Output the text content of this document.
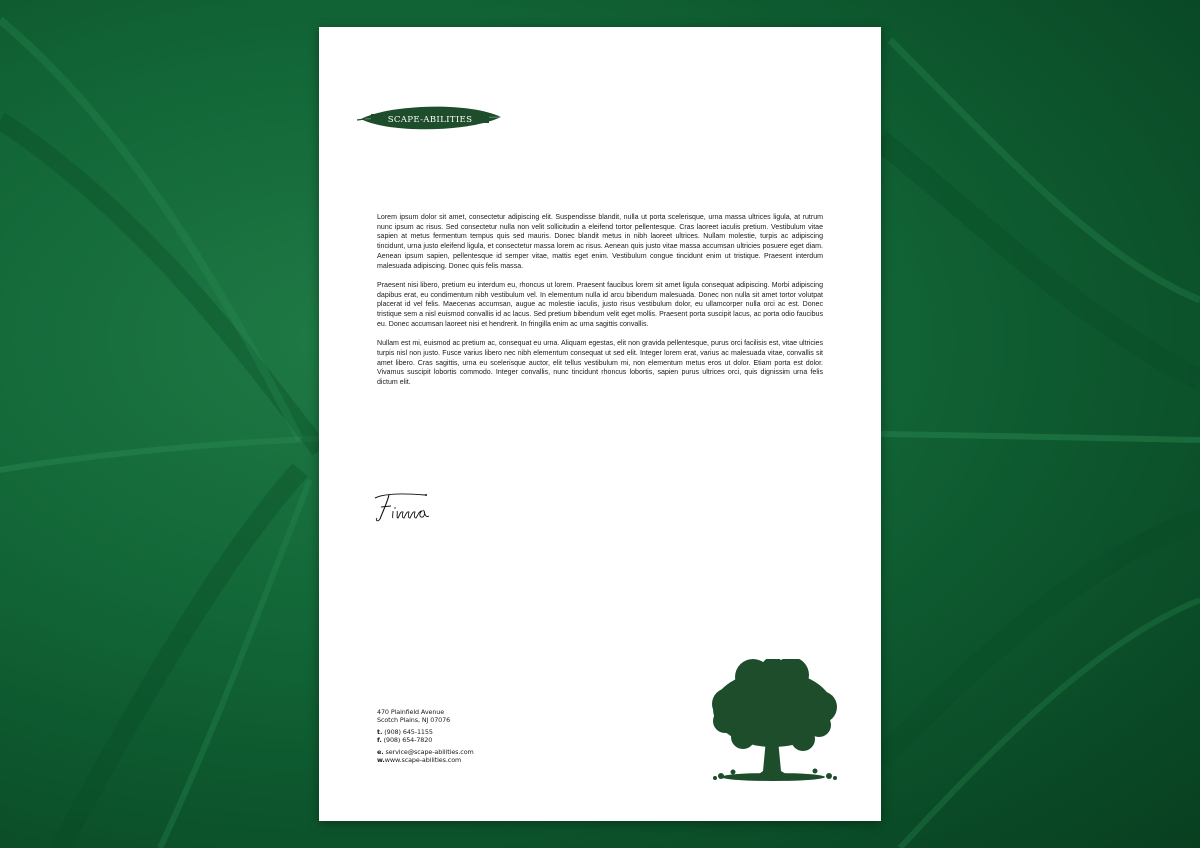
SCAPE-ABILITIES

Lorem ipsum dolor sit amet, consectetur adipiscing elit. Suspendisse blandit, nulla ut porta scelerisque, urna massa ultrices ligula, at rutrum nunc ipsum ac risus. Sed consectetur nulla non velit sollicitudin a eleifend tortor pellentesque. Cras laoreet iaculis pretium. Vestibulum vitae sapien at metus fermentum tempus quis sed mauris. Donec blandit metus in nibh laoreet ultrices. Nullam molestie, turpis ac adipiscing tincidunt, urna justo eleifend ligula, et consectetur massa lorem ac risus. Aenean quis justo vitae massa accumsan ultricies posuere eget diam. Aenean ipsum sapien, pellentesque id semper vitae, mattis eget enim. Vestibulum congue tincidunt enim ut tristique. Praesent interdum malesuada adipiscing. Donec quis felis massa.

Praesent nisi libero, pretium eu interdum eu, rhoncus ut lorem. Praesent faucibus lorem sit amet ligula consequat adipiscing. Morbi adipiscing dapibus erat, eu condimentum nibh vestibulum vel. In elementum nulla id arcu bibendum malesuada. Donec non nulla sit amet tortor volutpat placerat id vel felis. Maecenas accumsan, augue ac molestie iaculis, justo risus vestibulum dolor, eu ullamcorper nulla orci ac est. Donec tristique sem a nisl euismod convallis id ac lacus. Sed pretium bibendum velit eget mollis. Praesent porta suscipit lacus, ac porta odio faucibus eu. Donec accumsan laoreet nisi et hendrerit. In fringilla enim ac urna sagittis convallis.

Nullam est mi, euismod ac pretium ac, consequat eu urna. Aliquam egestas, elit non gravida pellentesque, purus orci facilisis est, vitae ultricies turpis nisl non justo. Fusce varius libero nec nibh elementum consequat ut sed elit. Integer lorem erat, varius ac malesuada vitae, convallis sit amet libero. Cras sagittis, urna eu scelerisque auctor, elit tellus vestibulum mi, non elementum metus eros ut dolor. Etiam porta est dolor. Vivamus suscipit lobortis commodo. Integer convallis, nunc tincidunt rhoncus lobortis, sapien purus ultrices orci, quis dignissim urna felis dictum elit.

470 Plainfield Avenue
Scotch Plains, NJ 07076
t. (908) 645-1155
f. (908) 654-7820
e. service@scape-abilities.com
w.www.scape-abilities.com
